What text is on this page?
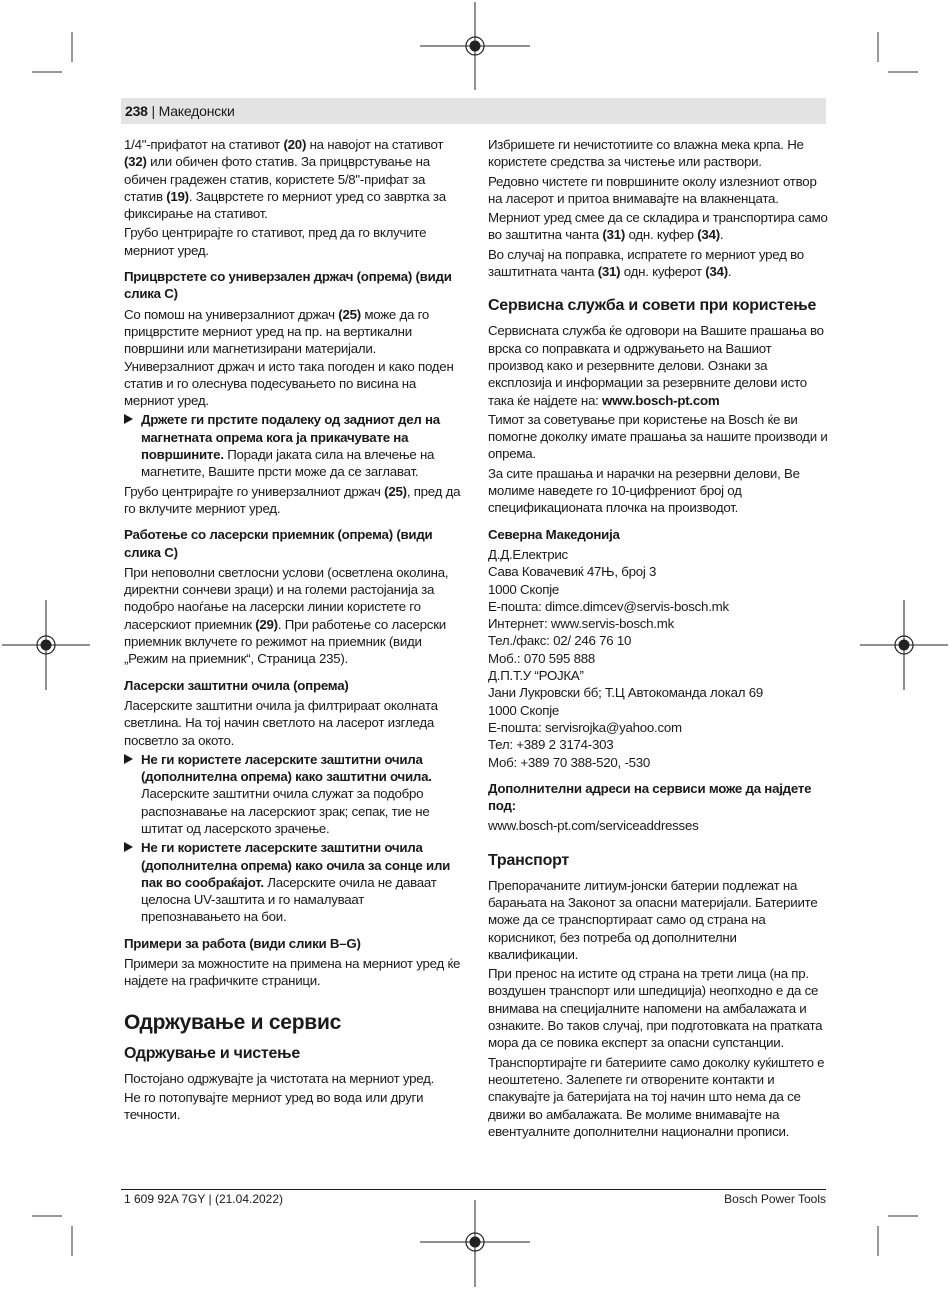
238 | Македонски

1/4"-прифатот на стативот (20) на навојот на стативот (32) или обичен фото статив. За прицврстување на обичен градежен статив, користете 5/8"-прифат за статив (19). Зацврстете го мерниот уред со завртка за фиксирање на стативот.

Грубо центрирајте го стативот, пред да го вклучите мерниот уред.

Прицврстете со универзален држач (опрема) (види слика C)

Со помош на универзалниот држач (25) може да го прицврстите мерниот уред на пр. на вертикални површини или магнетизирани материјали. Универзалниот држач и исто така погоден и како поден статив и го олеснува подесувањето по висина на мерниот уред.

Држете ги прстите подалеку од задниот дел на магнетната опрема кога ја прикачувате на површините. Поради јаката сила на влечење на магнетите, Вашите прсти може да се заглават.

Грубо центрирајте го универзалниот држач (25), пред да го вклучите мерниот уред.

Работење со ласерски приемник (опрема) (види слика C)

При неповолни светлосни услови (осветлена околина, директни сончеви зраци) и на големи растојанија за подобро наоѓање на ласерски линии користете го ласерскиот приемник (29). При работење со ласерски приемник вклучете го режимот на приемник (види „Режим на приемник“, Страница 235).

Ласерски заштитни очила (опрема)

Ласерските заштитни очила ја филтрираат околната светлина. На тој начин светлото на ласерот изгледа посветло за окото.

Не ги користете ласерските заштитни очила (дополнителна опрема) како заштитни очила. Ласерските заштитни очила служат за подобро распознавање на ласерскиот зрак; сепак, тие не штитат од ласерското зрачење.
Не ги користете ласерските заштитни очила (дополнителна опрема) како очила за сонце или пак во сообраќајот. Ласерските очила не даваат целосна UV-заштита и го намалуваат препознавањето на бои.
Примери за работа (види слики B–G)

Примери за можностите на примена на мерниот уред ќе најдете на графичките страници.

Одржување и сервис
Одржување и чистење

Постојано одржувајте ја чистотата на мерниот уред.

Не го потопувајте мерниот уред во вода или други течности.

Избришете ги нечистотиите со влажна мека крпа. Не користете средства за чистење или раствори.

Редовно чистете ги површините околу излезниот отвор на ласерот и притоа внимавајте на влакненцата.

Мерниот уред смее да се складира и транспортира само во заштитна чанта (31) одн. куфер (34).

Во случај на поправка, испратете го мерниот уред во заштитната чанта (31) одн. куферот (34).

Сервисна служба и совети при користење

Сервисната служба ќе одговори на Вашите прашања во врска со поправката и одржувањето на Вашиот производ како и резервните делови. Ознаки за експлозија и информации за резервните делови исто така ќе најдете на: www.bosch-pt.com

Тимот за советување при користење на Bosch ќе ви помогне доколку имате прашања за нашите производи и опрема.

За сите прашања и нарачки на резервни делови, Ве молиме наведете го 10-цифрениот број од спецификационата плочка на производот.

Северна Македонија
Д.Д.Електрис
Сава Ковачевиќ 47Њ, број 3
1000 Скопје
Е-пошта: dimce.dimcev@servis-bosch.mk
Интернет: www.servis-bosch.mk
Тел./факс: 02/ 246 76 10
Моб.: 070 595 888
Д.П.Т.У “РОЈКА”
Јани Лукровски бб; Т.Ц Автокоманда локал 69
1000 Скопје
Е-пошта: servisrojka@yahoo.com
Тел: +389 2 3174-303
Моб: +389 70 388-520, -530
Дополнителни адреси на сервиси може да најдете под:

www.bosch-pt.com/serviceaddresses

Транспорт

Препорачаните литиум-јонски батерии подлежат на барањата на Законот за опасни материјали. Батериите може да се транспортираат само од страна на корисникот, без потреба од дополнителни квалификации.

При пренос на истите од страна на трети лица (на пр. воздушен транспорт или шпедиција) неопходно е да се внимава на специјалните напомени на амбалажата и ознаките. Во таков случај, при подготовката на пратката мора да се повика експерт за опасни супстанции.

Транспортирајте ги батериите само доколку куќиштето е неоштетено. Залепете ги отворените контакти и спакувајте ја батеријата на тој начин што нема да се движи во амбалажата. Ве молиме внимавајте на евентуалните дополнителни национални прописи.

1 609 92A 7GY | (21.04.2022)	Bosch Power Tools
